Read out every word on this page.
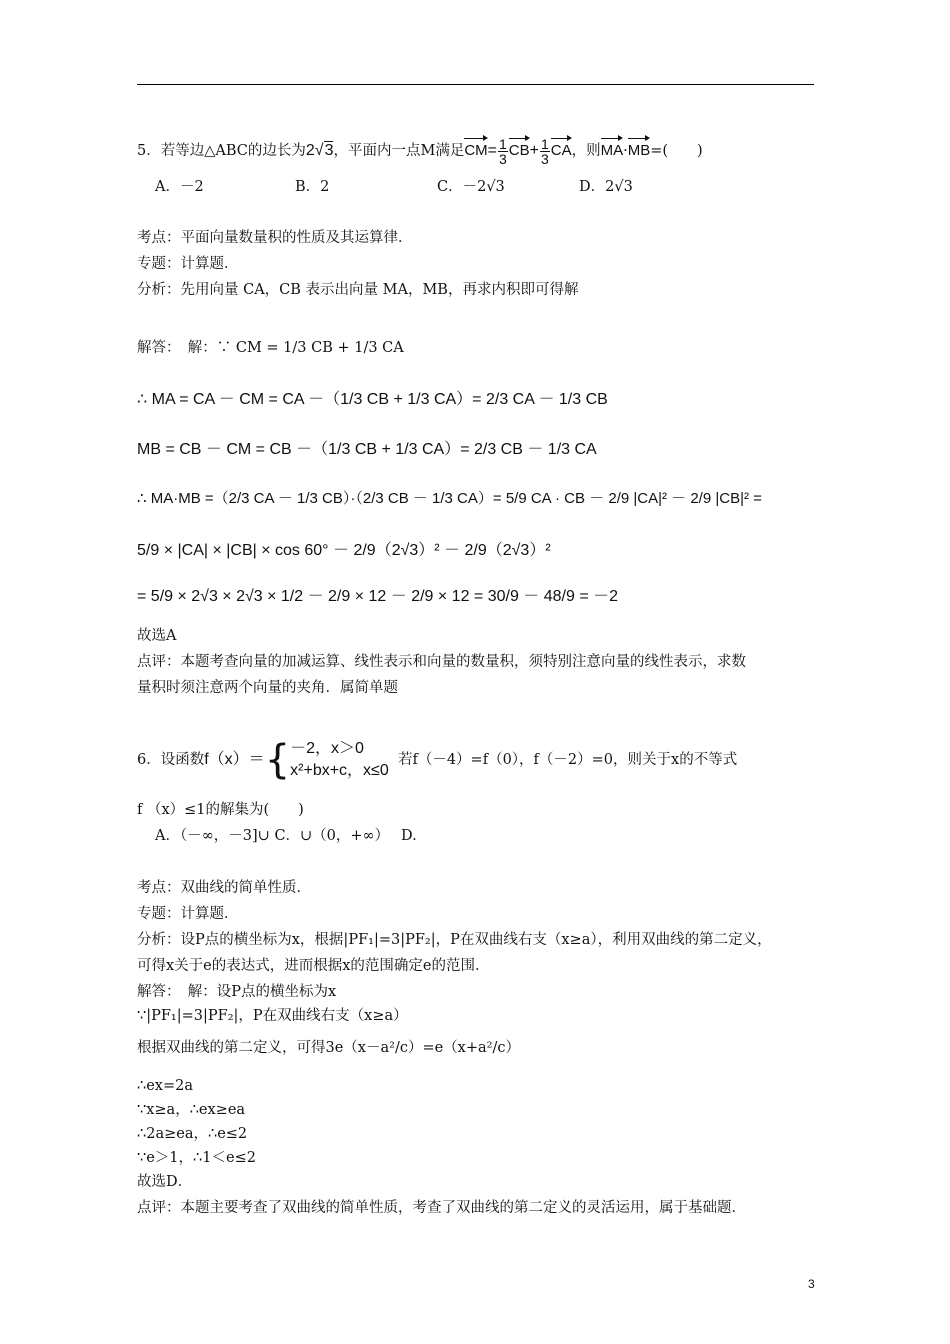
5．若等边△ABC的边长为2√3，平面内一点M满足$CM= \frac{1}{3} CB+ \frac{1}{3}$ CA，则MA·MB=(　　)
A．－2	B．2	C．－2√3	D．2√3
考点：平面向量数量积的性质及其运算律．
专题：计算题．
分析：先用向量 CA，CB 表示出向量 MA，MB，再求内积即可得解
解答：　解：∵ CM = 1/3 CB + 1/3 CA
∴ MA = CA － CM = CA －（1/3 CB + 1/3 CA）= 2/3 CA － 1/3 CB
MB = CB － CM = CB －（1/3 CB + 1/3 CA）= 2/3 CB － 1/3 CA
∴ MA·MB =（2/3 CA － 1/3 CB）·（2/3 CB － 1/3 CA）= 5/9 CA · CB － 2/9 |CA|² － 2/9 |CB|² =
5/9 × |CA| × |CB| × cos 60° － 2/9（2√3）² － 2/9（2√3）²
= 5/9 × 2√3 × 2√3 × 1/2 － 2/9 × 12 － 2/9 × 12 = 30/9 － 48/9 = －2
故选A
点评：本题考查向量的加减运算、线性表示和向量的数量积，须特别注意向量的线性表示，求数
量积时须注意两个向量的夹角．属简单题
6．设函数f（x）＝{ －2，x＞0
x²+bx+c，x≤0
若f（－4）=f（0），f（－2）=0，则关于x的不等式
f （x）≤1的解集为(　　)
A．（－∞，－3]∪ C．∪（0，+∞）　 D.
考点：双曲线的简单性质．
专题：计算题．
分析：设P点的横坐标为x，根据|PF₁|=3|PF₂|，P在双曲线右支（x≥a），利用双曲线的第二定义，
可得x关于e的表达式，进而根据x的范围确定e的范围．
解答：　解：设P点的横坐标为x
∵|PF₁|=3|PF₂|，P在双曲线右支（x≥a）
根据双曲线的第二定义，可得3e（x－a²/c）=e（x+a²/c）
∴ex=2a
∵x≥a，∴ex≥ea
∴2a≥ea，∴e≤2
∵e＞1，∴1＜e≤2
故选D．
点评：本题主要考查了双曲线的简单性质，考查了双曲线的第二定义的灵活运用，属于基础题．
3
